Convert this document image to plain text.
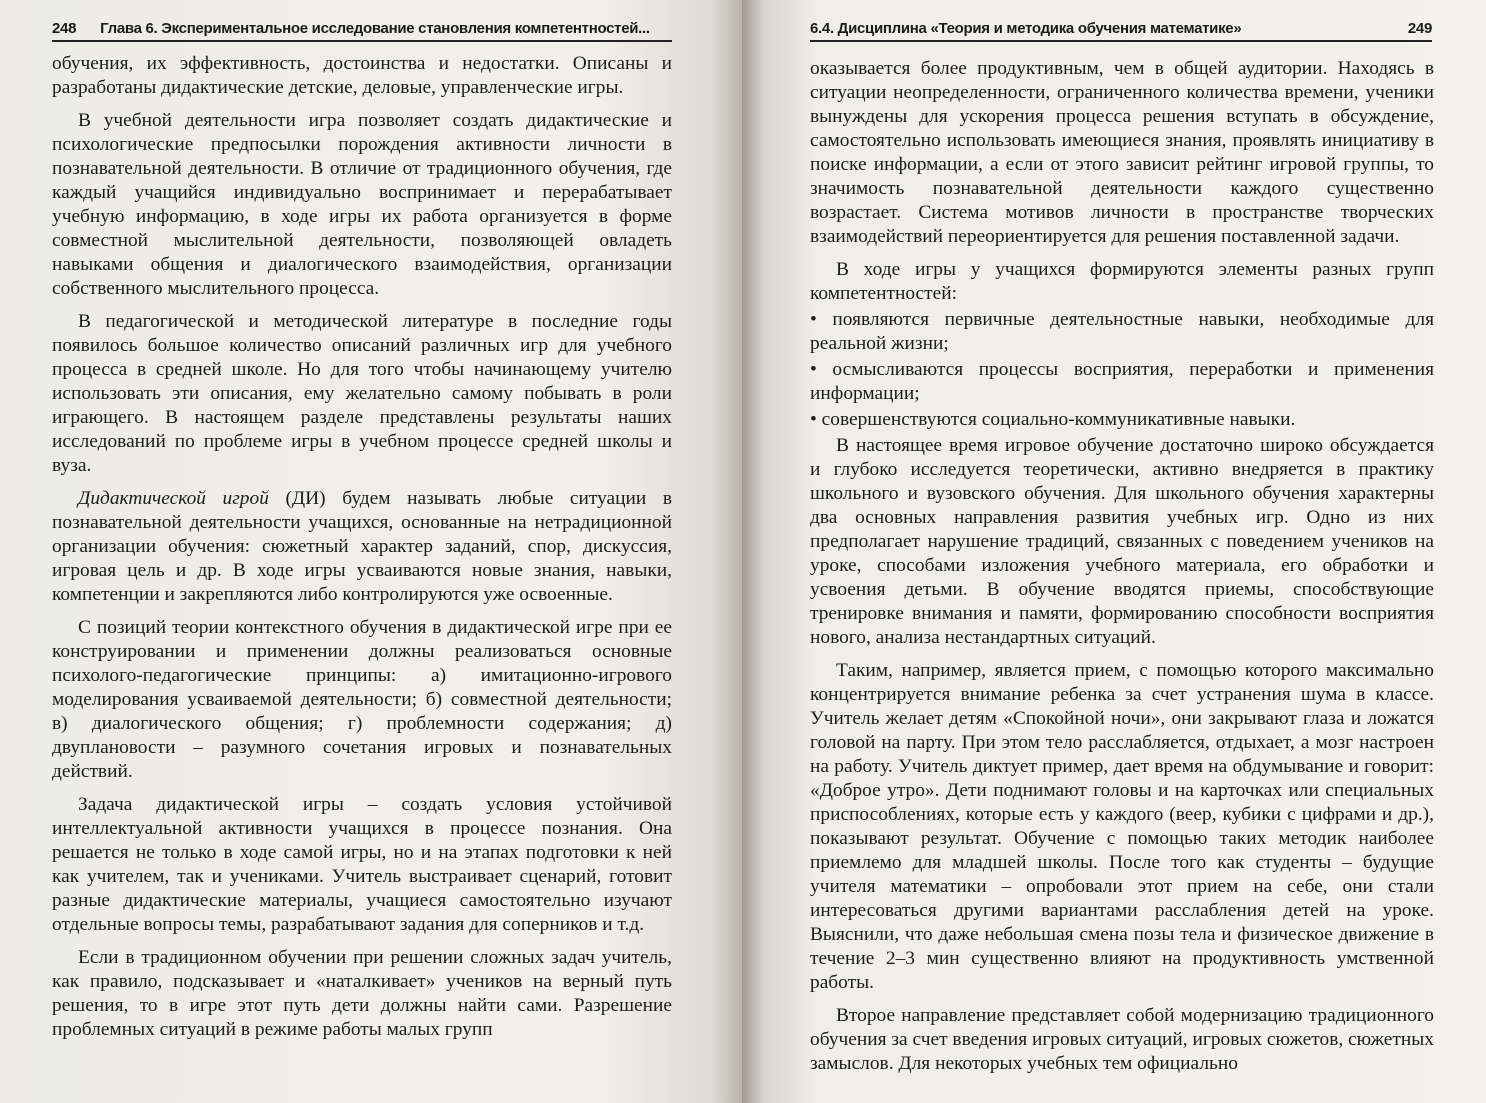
248 Глава 6. Экспериментальное исследование становления компетентностей...

обучения, их эффективность, достоинства и недостатки. Описаны и разработаны дидактические детские, деловые, управленческие игры.

В учебной деятельности игра позволяет создать дидактические и психологические предпосылки порождения активности личности в познавательной деятельности. В отличие от традиционного обучения, где каждый учащийся индивидуально воспринимает и перерабатывает учебную информацию, в ходе игры их работа организуется в форме совместной мыслительной деятельности, позволяющей овладеть навыками общения и диалогического взаимодействия, организации собственного мыслительного процесса.

В педагогической и методической литературе в последние годы появилось большое количество описаний различных игр для учебного процесса в средней школе. Но для того чтобы начинающему учителю использовать эти описания, ему желательно самому побывать в роли играющего. В настоящем разделе представлены результаты наших исследований по проблеме игры в учебном процессе средней школы и вуза.

Дидактической игрой (ДИ) будем называть любые ситуации в познавательной деятельности учащихся, основанные на нетрадиционной организации обучения: сюжетный характер заданий, спор, дискуссия, игровая цель и др. В ходе игры усваиваются новые знания, навыки, компетенции и закрепляются либо контролируются уже освоенные.

С позиций теории контекстного обучения в дидактической игре при ее конструировании и применении должны реализоваться основные психолого-педагогические принципы: а) имитационно-игрового моделирования усваиваемой деятельности; б) совместной деятельности; в) диалогического общения; г) проблемности содержания; д) двуплановости – разумного сочетания игровых и познавательных действий.

Задача дидактической игры – создать условия устойчивой интеллектуальной активности учащихся в процессе познания. Она решается не только в ходе самой игры, но и на этапах подготовки к ней как учителем, так и учениками. Учитель выстраивает сценарий, готовит разные дидактические материалы, учащиеся самостоятельно изучают отдельные вопросы темы, разрабатывают задания для соперников и т.д.

Если в традиционном обучении при решении сложных задач учитель, как правило, подсказывает и «наталкивает» учеников на верный путь решения, то в игре этот путь дети должны найти сами. Разрешение проблемных ситуаций в режиме работы малых групп

6.4. Дисциплина «Теория и методика обучения математике»	249

оказывается более продуктивным, чем в общей аудитории. Находясь в ситуации неопределенности, ограниченного количества времени, ученики вынуждены для ускорения процесса решения вступать в обсуждение, самостоятельно использовать имеющиеся знания, проявлять инициативу в поиске информации, а если от этого зависит рейтинг игровой группы, то значимость познавательной деятельности каждого существенно возрастает. Система мотивов личности в пространстве творческих взаимодействий переориентируется для решения поставленной задачи.

В ходе игры у учащихся формируются элементы разных групп компетентностей:

• появляются первичные деятельностные навыки, необходимые для реальной жизни;

• осмысливаются процессы восприятия, переработки и применения информации;

• совершенствуются социально-коммуникативные навыки.

В настоящее время игровое обучение достаточно широко обсуждается и глубоко исследуется теоретически, активно внедряется в практику школьного и вузовского обучения. Для школьного обучения характерны два основных направления развития учебных игр. Одно из них предполагает нарушение традиций, связанных с поведением учеников на уроке, способами изложения учебного материала, его обработки и усвоения детьми. В обучение вводятся приемы, способствующие тренировке внимания и памяти, формированию способности восприятия нового, анализа нестандартных ситуаций.

Таким, например, является прием, с помощью которого максимально концентрируется внимание ребенка за счет устранения шума в классе. Учитель желает детям «Спокойной ночи», они закрывают глаза и ложатся головой на парту. При этом тело расслабляется, отдыхает, а мозг настроен на работу. Учитель диктует пример, дает время на обдумывание и говорит: «Доброе утро». Дети поднимают головы и на карточках или специальных приспособлениях, которые есть у каждого (веер, кубики с цифрами и др.), показывают результат. Обучение с помощью таких методик наиболее приемлемо для младшей школы. После того как студенты – будущие учителя математики – опробовали этот прием на себе, они стали интересоваться другими вариантами расслабления детей на уроке. Выяснили, что даже небольшая смена позы тела и физическое движение в течение 2–3 мин существенно влияют на продуктивность умственной работы.

Второе направление представляет собой модернизацию традиционного обучения за счет введения игровых ситуаций, игровых сюжетов, сюжетных замыслов. Для некоторых учебных тем официально
